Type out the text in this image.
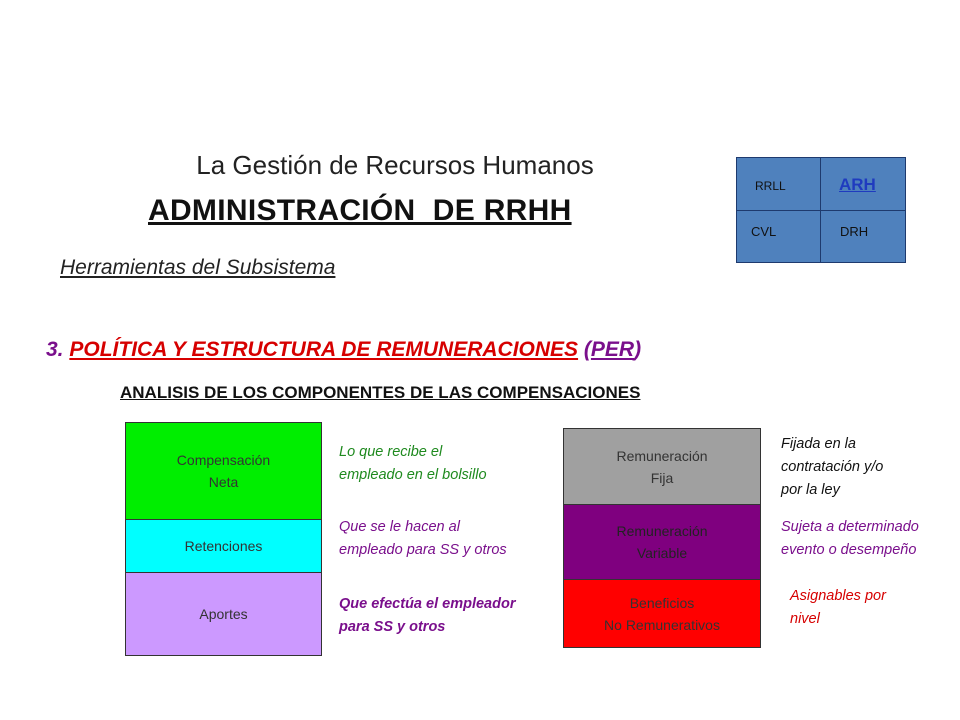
La Gestión de Recursos Humanos
ADMINISTRACIÓN  DE RRHH
Herramientas del Subsistema
RRLL	ARH
CVL	DRH
3. POLÍTICA Y ESTRUCTURA DE REMUNERACIONES (PER)
ANALISIS DE LOS COMPONENTES DE LAS COMPENSACIONES
Compensación
Neta
Retenciones
Aportes
Lo que recibe el
empleado en el bolsillo
Que se le hacen al
empleado para SS y otros
Que efectúa el empleador
para SS y otros
Remuneración
Fija
Remuneración
Variable
Beneficios
No Remunerativos
Fijada en la
contratación y/o
por la ley
Sujeta a determinado
evento o desempeño
Asignables por
nivel
